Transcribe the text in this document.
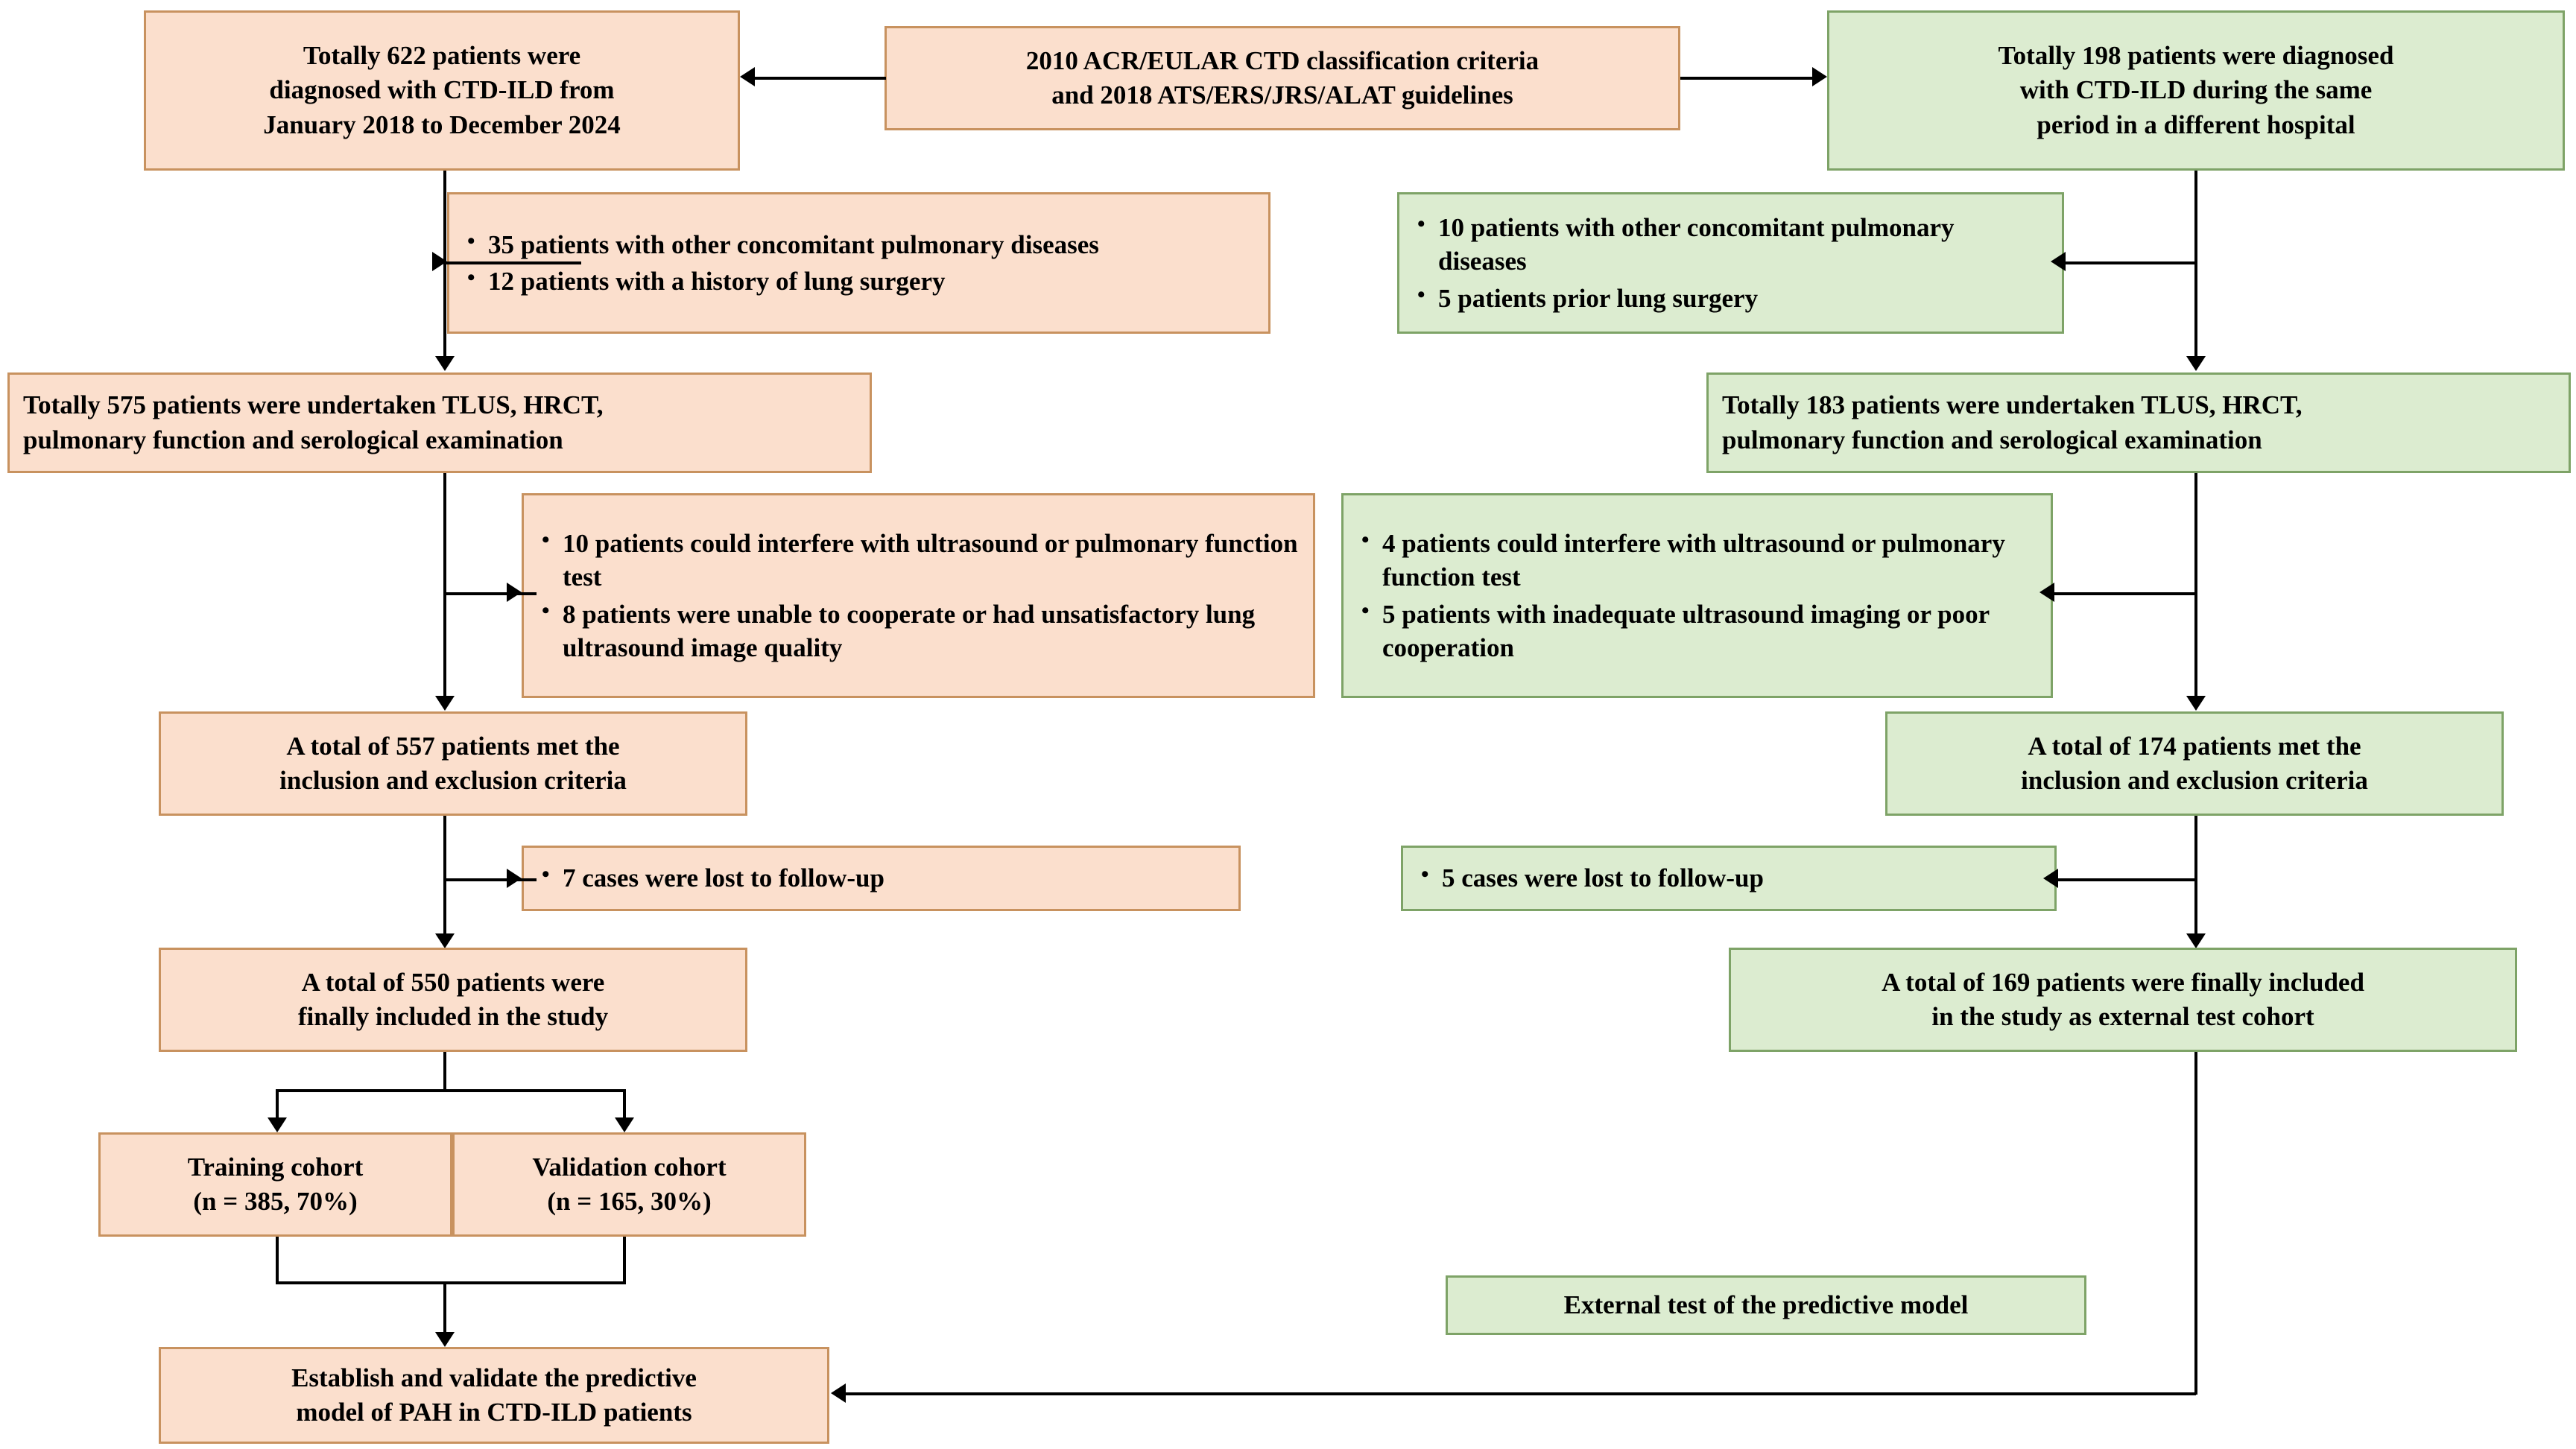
Totally 622 patients were
diagnosed with CTD-ILD from
January 2018 to December 2024
2010 ACR/EULAR CTD classification criteria
and 2018 ATS/ERS/JRS/ALAT guidelines
Totally 198 patients were diagnosed
with CTD-ILD during the same
period in a different hospital
• 35 patients with other concomitant pulmonary diseases
• 12 patients with a history of lung surgery
• 10 patients with other concomitant pulmonary diseases
• 5 patients prior lung surgery
Totally 575 patients were undertaken TLUS, HRCT,
pulmonary function and serological examination
Totally 183 patients were undertaken TLUS, HRCT,
pulmonary function and serological examination
• 10 patients could interfere with ultrasound or pulmonary function test
• 8 patients were unable to cooperate or had unsatisfactory lung ultrasound image quality
• 4 patients could interfere with ultrasound or pulmonary function test
• 5 patients with inadequate ultrasound imaging or poor cooperation
A total of 557 patients met the
inclusion and exclusion criteria
A total of 174 patients met the
inclusion and exclusion criteria
• 7 cases were lost to follow-up	• 5 cases were lost to follow-up
A total of 550 patients were
finally included in the study
A total of 169 patients were finally included
in the study as external test cohort
Training cohort
(n = 385, 70%)
Validation cohort
(n = 165, 30%)
Establish and validate the predictive
model of PAH in CTD-ILD patients
External test of the predictive model
